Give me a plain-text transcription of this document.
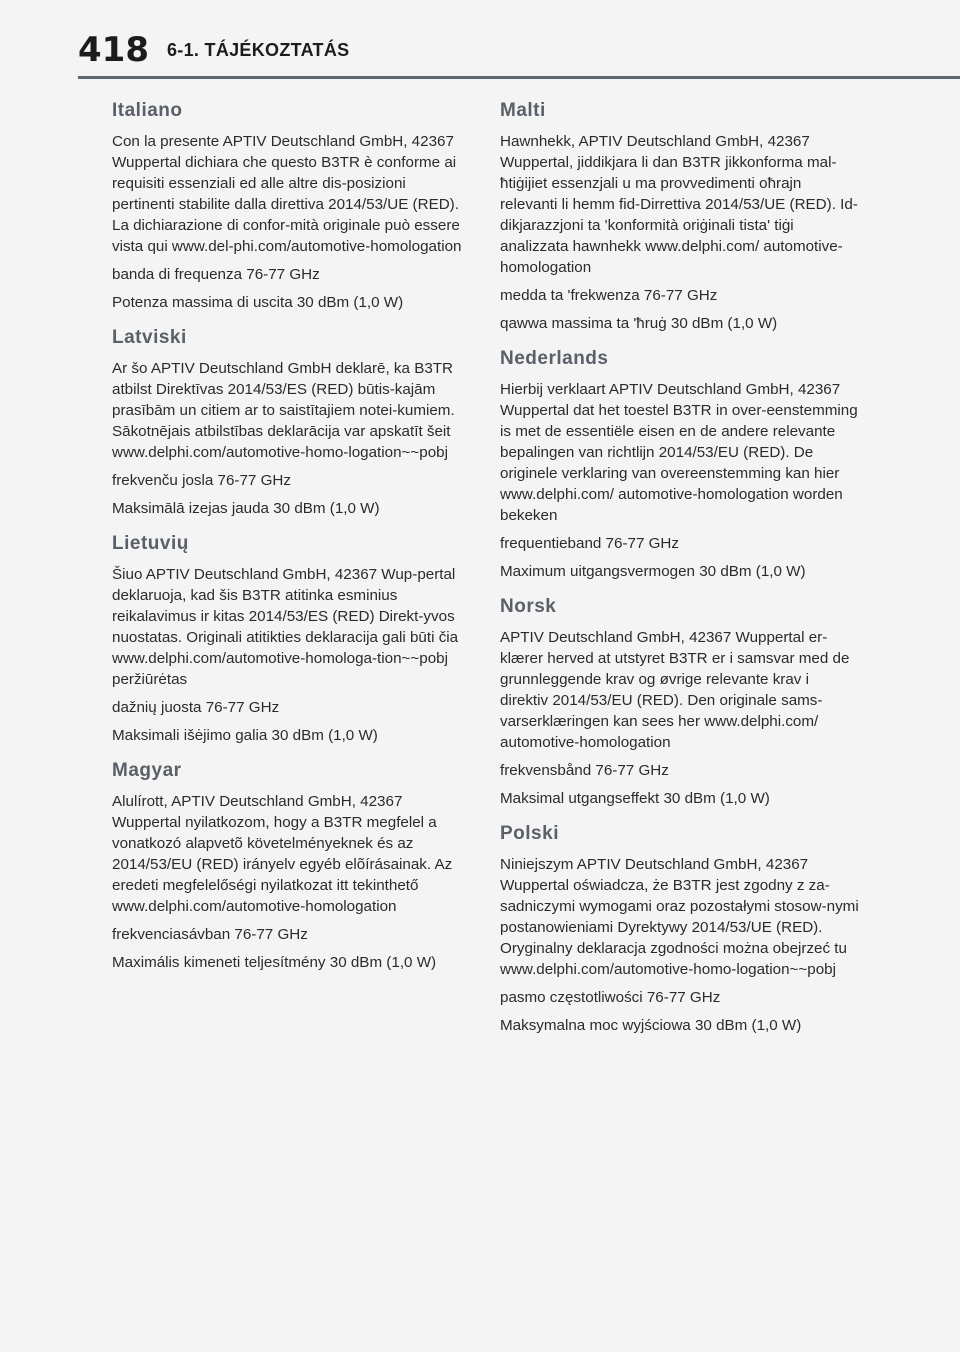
418 6-1. TÁJÉKOZTATÁS
Italiano

Con la presente APTIV Deutschland GmbH, 42367 Wuppertal dichiara che questo B3TR è conforme ai requisiti essenziali ed alle altre dis-posizioni pertinenti stabilite dalla direttiva 2014/53/UE (RED). La dichiarazione di confor-mità originale può essere vista qui www.del-phi.com/automotive-homologation

banda di frequenza 76-77 GHz

Potenza massima di uscita 30 dBm (1,0 W)

Latviski

Ar šo APTIV Deutschland GmbH deklarē, ka B3TR atbilst Direktīvas 2014/53/ES (RED) būtis-kajām prasībām un citiem ar to saistītajiem notei-kumiem. Sākotnējais atbilstības deklarācija var apskatīt šeit www.delphi.com/automotive-homo-logation~~pobj

frekvenču josla 76-77 GHz

Maksimālā izejas jauda 30 dBm (1,0 W)

Lietuvių

Šiuo APTIV Deutschland GmbH, 42367 Wup-pertal deklaruoja, kad šis B3TR atitinka esminius reikalavimus ir kitas 2014/53/ES (RED) Direkt-yvos nuostatas. Originali atitikties deklaracija gali būti čia www.delphi.com/automotive-homologa-tion~~pobj peržiūrėtas

dažnių juosta 76-77 GHz

Maksimali išėjimo galia 30 dBm (1,0 W)

Magyar

Alulírott, APTIV Deutschland GmbH, 42367 Wuppertal nyilatkozom, hogy a B3TR megfelel a vonatkozó alapvetõ követelményeknek és az 2014/53/EU (RED) irányelv egyéb elõírásainak. Az eredeti megfelelőségi nyilatkozat itt tekinthető www.delphi.com/automotive-homologation

frekvenciasávban 76-77 GHz

Maximális kimeneti teljesítmény 30 dBm (1,0 W)

Malti

Hawnhekk, APTIV Deutschland GmbH, 42367 Wuppertal, jiddikjara li dan B3TR jikkonforma mal-ħtiġijiet essenzjali u ma provvedimenti oħrajn relevanti li hemm fid-Dirrettiva 2014/53/UE (RED). Id-dikjarazzjoni ta 'konformità oriġinali tista' tiġi analizzata hawnhekk www.delphi.com/ automotive-homologation

medda ta 'frekwenza 76-77 GHz

qawwa massima ta 'ħruġ 30 dBm (1,0 W)

Nederlands

Hierbij verklaart APTIV Deutschland GmbH, 42367 Wuppertal dat het toestel B3TR in over-eenstemming is met de essentiële eisen en de andere relevante bepalingen van richtlijn 2014/53/EU (RED). De originele verklaring van overeenstemming kan hier www.delphi.com/ automotive-homologation worden bekeken

frequentieband 76-77 GHz

Maximum uitgangsvermogen 30 dBm (1,0 W)

Norsk

APTIV Deutschland GmbH, 42367 Wuppertal er-klærer herved at utstyret B3TR er i samsvar med de grunnleggende krav og øvrige relevante krav i direktiv 2014/53/EU (RED). Den originale sams-varserklæringen kan sees her www.delphi.com/ automotive-homologation

frekvensbånd 76-77 GHz

Maksimal utgangseffekt 30 dBm (1,0 W)

Polski

Niniejszym APTIV Deutschland GmbH, 42367 Wuppertal oświadcza, że B3TR jest zgodny z za-sadniczymi wymogami oraz pozostałymi stosow-nymi postanowieniami Dyrektywy 2014/53/UE (RED). Oryginalny deklaracja zgodności można obejrzeć tu www.delphi.com/automotive-homo-logation~~pobj

pasmo częstotliwości 76-77 GHz

Maksymalna moc wyjściowa 30 dBm (1,0 W)
